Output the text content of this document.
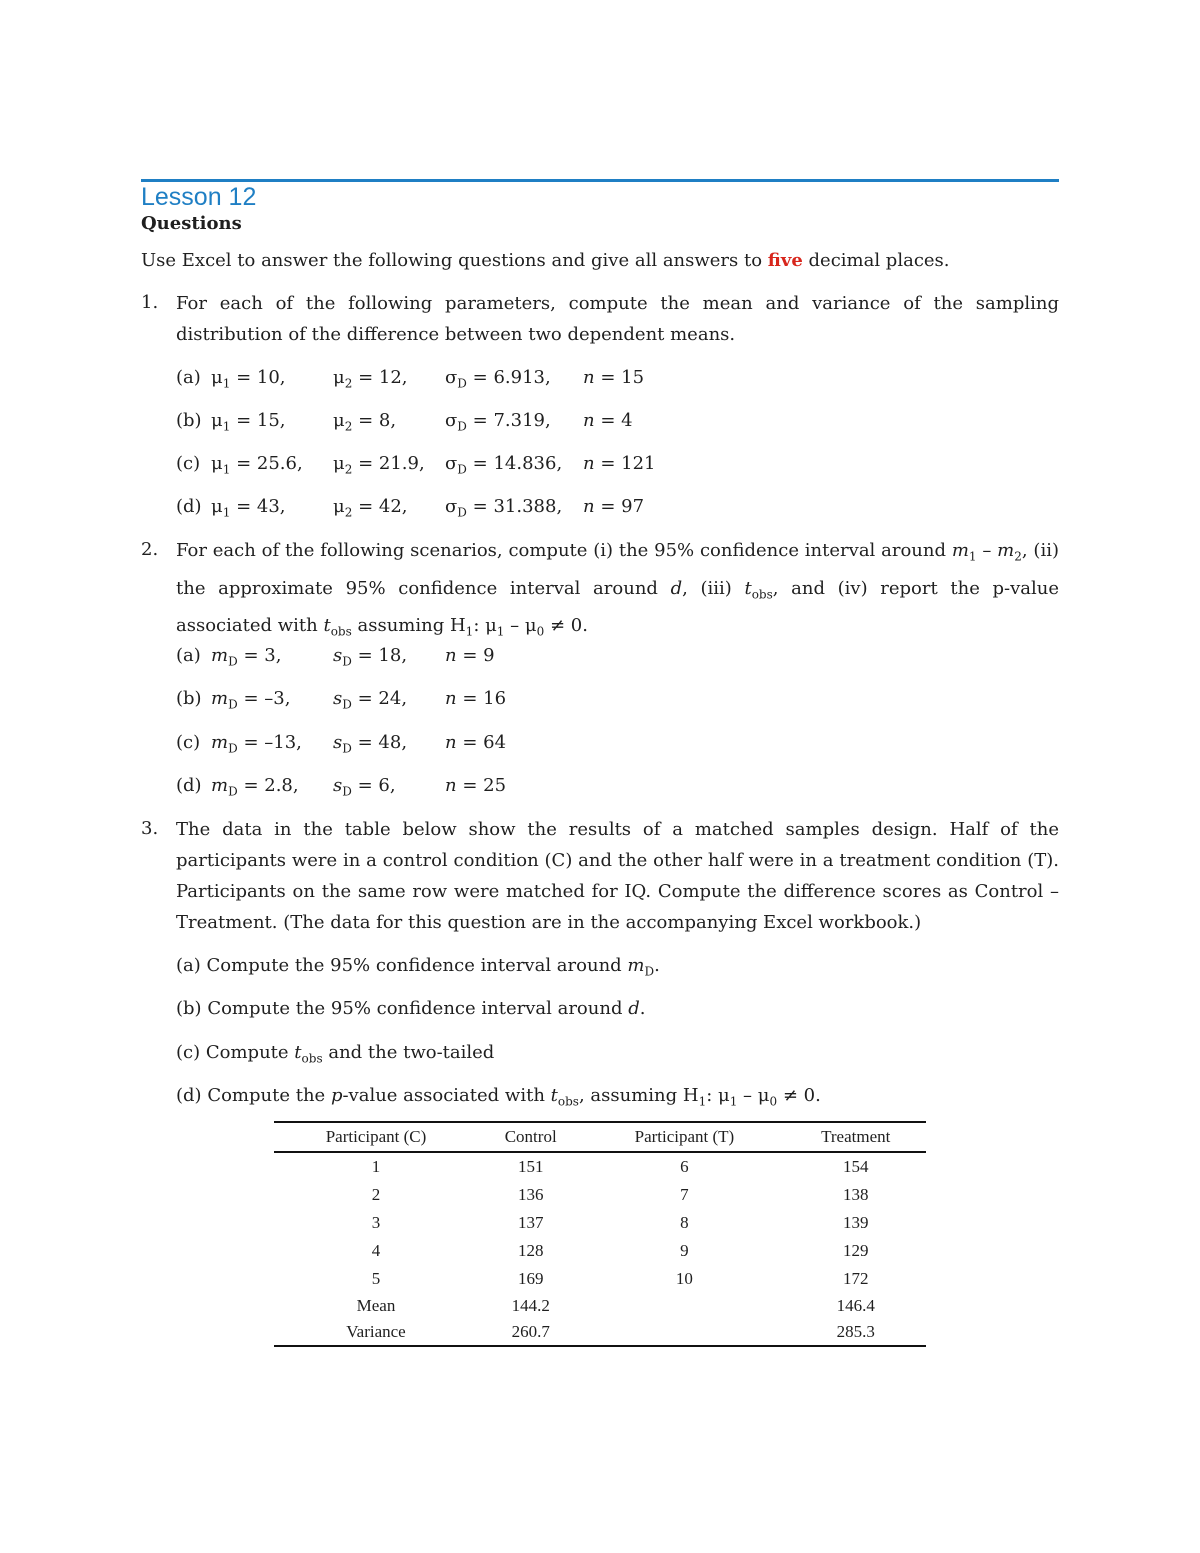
Lesson 12
Questions
Use Excel to answer the following questions and give all answers to five decimal places.
1. For each of the following parameters, compute the mean and variance of the sampling distribution of the difference between two dependent means.
(a) $\mu_1 = 10$,	$\mu_2 = 12$, $\sigma_D = 6.913$, n = 15
(b) $\mu_1 = 15$,	$\mu_2 = 8$,	$\sigma_D = 7.319$, n = 4
(c) $\mu_1 = 25.6$, $\mu_2 = 21.9$, $\sigma_D = 14.836$, n = 121
(d) $\mu_1 = 43$,	$\mu_2 = 42$, $\sigma_D = 31.388$, n = 97
2. For each of the following scenarios, compute (i) the 95% confidence interval around $m_1 - m_2$, (ii) the approximate 95% confidence interval around d, (iii) $t_{obs}$, and (iv) report the p-value associated with $t_{obs}$ assuming $H_1$: $\mu_1 - \mu_0 \ne 0$.
(a) $m_D = 3$,	$s_D = 18$, n = 9
(b) $m_D = -3$, $s_D = 24$, n = 16
(c) $m_D = -13$, $s_D = 48$, n = 64
(d) $m_D = 2.8$, $s_D = 6$,	n = 25
3. The data in the table below show the results of a matched samples design. Half of the participants were in a control condition (C) and the other half were in a treatment condition (T). Participants on the same row were matched for IQ. Compute the difference scores as Control – Treatment. (The data for this question are in the accompanying Excel workbook.)
(a) Compute the 95% confidence interval around $m_D$.
(b) Compute the 95% confidence interval around d.
(c) Compute $t_{obs}$ and the two-tailed
(d) Compute the p-value associated with $t_{obs}$, assuming $H_1$: $\mu_1 - \mu_0 \ne 0$.
Participant (C)	Control	Participant (T)	Treatment
1	151	6	154
2	136	7	138
3	137	8	139
4	128	9	129
5	169	10	172
Mean	144.2		146.4
Variance	260.7		285.3
